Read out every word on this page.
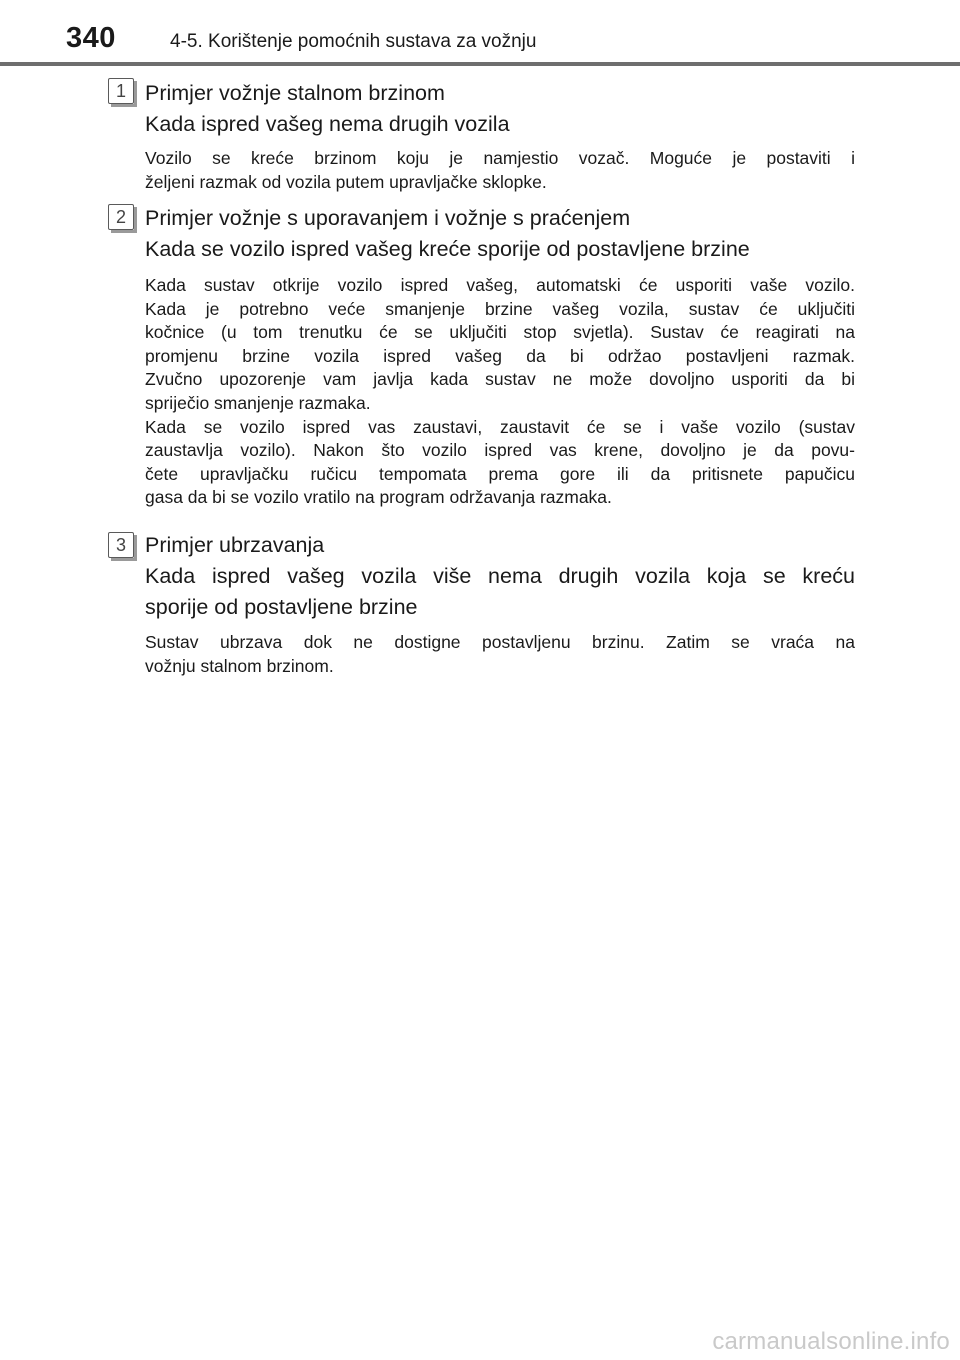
340	4-5. Korištenje pomoćnih sustava za vožnju
1 Primjer vožnje stalnom brzinom

Kada ispred vašeg nema drugih vozila

Vozilo se kreće brzinom koju je namjestio vozač. Moguće je postaviti i
željeni razmak od vozila putem upravljačke sklopke.
2 Primjer vožnje s uporavanjem i vožnje s praćenjem

Kada se vozilo ispred vašeg kreće sporije od postavljene brzine

Kada sustav otkrije vozilo ispred vašeg, automatski će usporiti vaše vozilo.
Kada je potrebno veće smanjenje brzine vašeg vozila, sustav će uključiti
kočnice (u tom trenutku će se uključiti stop svjetla). Sustav će reagirati na
promjenu brzine vozila ispred vašeg da bi održao postavljeni razmak.
Zvučno upozorenje vam javlja kada sustav ne može dovoljno usporiti da bi
spriječio smanjenje razmaka.
Kada se vozilo ispred vas zaustavi, zaustavit će se i vaše vozilo (sustav
zaustavlja vozilo). Nakon što vozilo ispred vas krene, dovoljno je da povu-
čete upravljačku ručicu tempomata prema gore ili da pritisnete papučicu
gasa da bi se vozilo vratilo na program održavanja razmaka.
3 Primjer ubrzavanja

Kada ispred vašeg vozila više nema drugih vozila koja se kreću

sporije od postavljene brzine

Sustav ubrzava dok ne dostigne postavljenu brzinu. Zatim se vraća na
vožnju stalnom brzinom.
carmanualsonline.info
